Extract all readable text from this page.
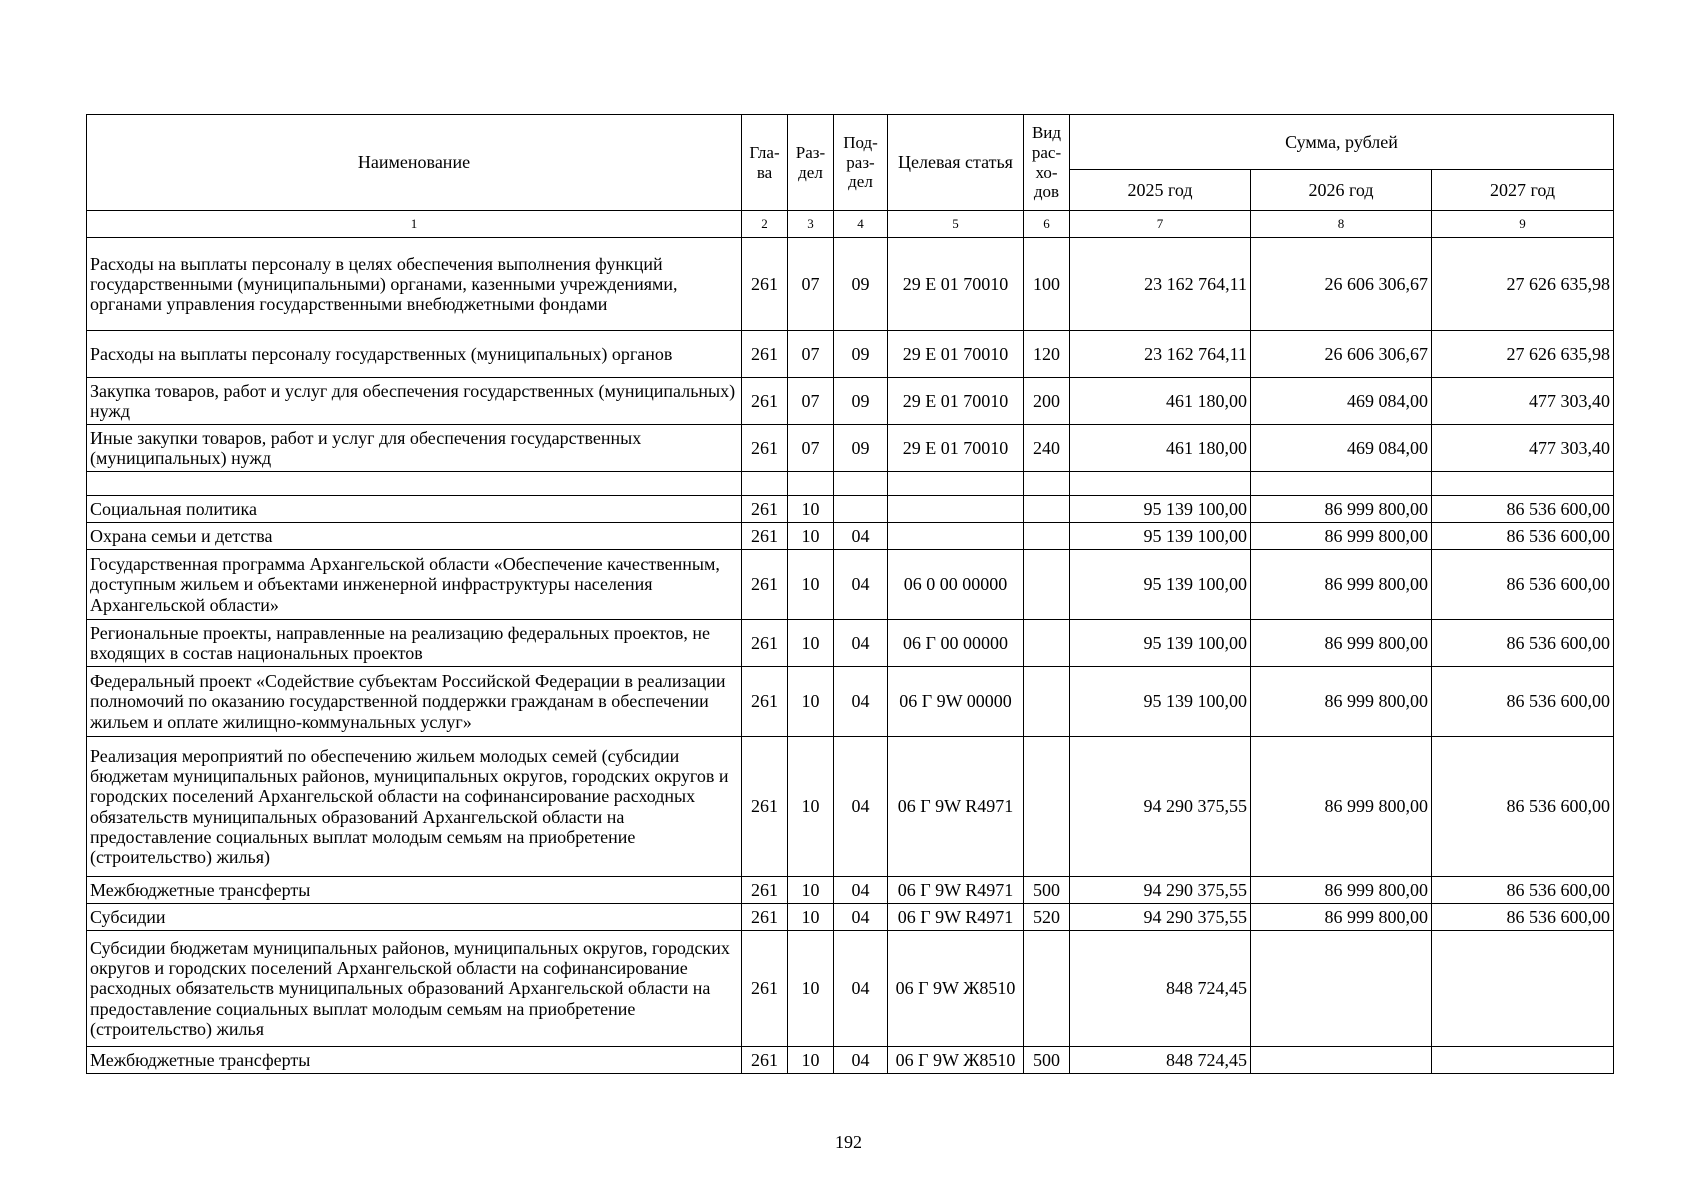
Наименование	Гла-ва	Раз-дел	Под-раз-дел	Целевая статья	Вид рас-хо-дов	Сумма, рублей		
						2025 год	2026 год	2027 год
1	2	3	4	5	6	7	8	9
Расходы на выплаты персоналу в целях обеспечения выполнения функций государственными (муниципальными) органами, казенными учреждениями, органами управления государственными внебюджетными фондами	261	07	09	29 Е 01 70010	100	23 162 764,11	26 606 306,67	27 626 635,98
Расходы на выплаты персоналу государственных (муниципальных) органов	261	07	09	29 Е 01 70010	120	23 162 764,11	26 606 306,67	27 626 635,98
Закупка товаров, работ и услуг для обеспечения государственных (муниципальных) нужд	261	07	09	29 Е 01 70010	200	461 180,00	469 084,00	477 303,40
Иные закупки товаров, работ и услуг для обеспечения государственных (муниципальных) нужд	261	07	09	29 Е 01 70010	240	461 180,00	469 084,00	477 303,40

Социальная политика	261	10				95 139 100,00	86 999 800,00	86 536 600,00
Охрана семьи и детства	261	10	04			95 139 100,00	86 999 800,00	86 536 600,00
Государственная программа Архангельской области «Обеспечение качественным, доступным жильем и объектами инженерной инфраструктуры населения Архангельской области»	261	10	04	06 0 00 00000		95 139 100,00	86 999 800,00	86 536 600,00
Региональные проекты, направленные на реализацию федеральных проектов, не входящих в состав национальных проектов	261	10	04	06 Г 00 00000		95 139 100,00	86 999 800,00	86 536 600,00
Федеральный проект «Содействие субъектам Российской Федерации в реализации полномочий по оказанию государственной поддержки гражданам в обеспечении жильем и оплате жилищно-коммунальных услуг»	261	10	04	06 Г 9W 00000		95 139 100,00	86 999 800,00	86 536 600,00
Реализация мероприятий по обеспечению жильем молодых семей (субсидии бюджетам муниципальных районов, муниципальных округов, городских округов и городских поселений Архангельской области на софинансирование расходных обязательств муниципальных образований Архангельской области на предоставление социальных выплат молодым семьям на приобретение (строительство) жилья)	261	10	04	06 Г 9W R4971		94 290 375,55	86 999 800,00	86 536 600,00
Межбюджетные трансферты	261	10	04	06 Г 9W R4971	500	94 290 375,55	86 999 800,00	86 536 600,00
Субсидии	261	10	04	06 Г 9W R4971	520	94 290 375,55	86 999 800,00	86 536 600,00
Субсидии бюджетам муниципальных районов, муниципальных округов, городских округов и городских поселений Архангельской области на софинансирование расходных обязательств муниципальных образований Архангельской области на предоставление социальных выплат молодым семьям на приобретение (строительство) жилья	261	10	04	06 Г 9W Ж8510		848 724,45		
Межбюджетные трансферты	261	10	04	06 Г 9W Ж8510	500	848 724,45		
192
